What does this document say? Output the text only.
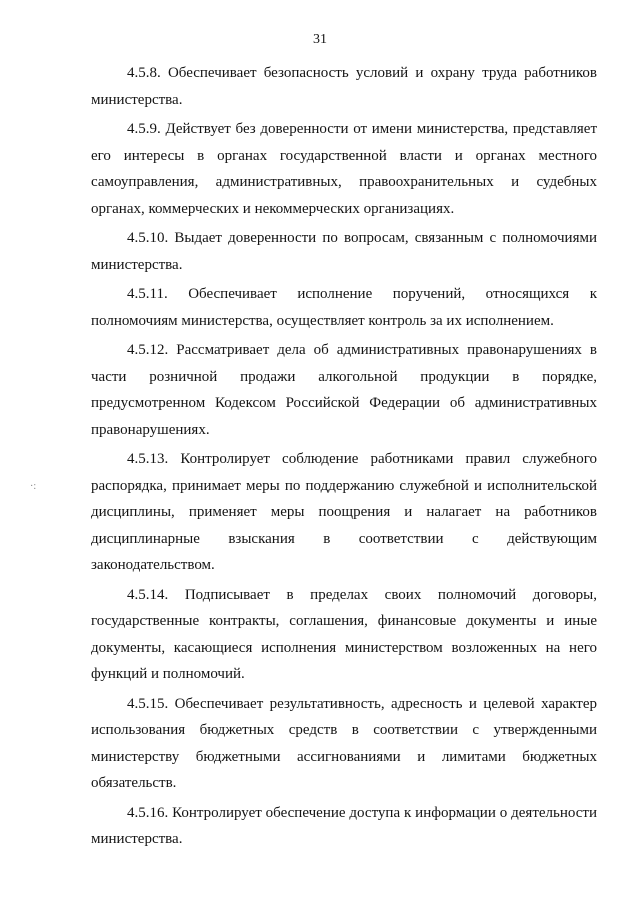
31

4.5.8. Обеспечивает безопасность условий и охрану труда работников министерства.

4.5.9. Действует без доверенности от имени министерства, представляет его интересы в органах государственной власти и органах местного самоуправления, административных, правоохранительных и судебных органах, коммерческих и некоммерческих организациях.

4.5.10. Выдает доверенности по вопросам, связанным с полномочиями министерства.

4.5.11. Обеспечивает исполнение поручений, относящихся к полномочиям министерства, осуществляет контроль за их исполнением.

4.5.12. Рассматривает дела об административных правонарушениях в части розничной продажи алкогольной продукции в порядке, предусмотренном Кодексом Российской Федерации об административных правонарушениях.

4.5.13. Контролирует соблюдение работниками правил служебного распорядка, принимает меры по поддержанию служебной и исполнительской дисциплины, применяет меры поощрения и налагает на работников дисциплинарные взыскания в соответствии с действующим законодательством.

4.5.14. Подписывает в пределах своих полномочий договоры, государственные контракты, соглашения, финансовые документы и иные документы, касающиеся исполнения министерством возложенных на него функций и полномочий.

4.5.15. Обеспечивает результативность, адресность и целевой характер использования бюджетных средств в соответствии с утвержденными министерству бюджетными ассигнованиями и лимитами бюджетных обязательств.

4.5.16. Контролирует обеспечение доступа к информации о деятельности министерства.

·:
